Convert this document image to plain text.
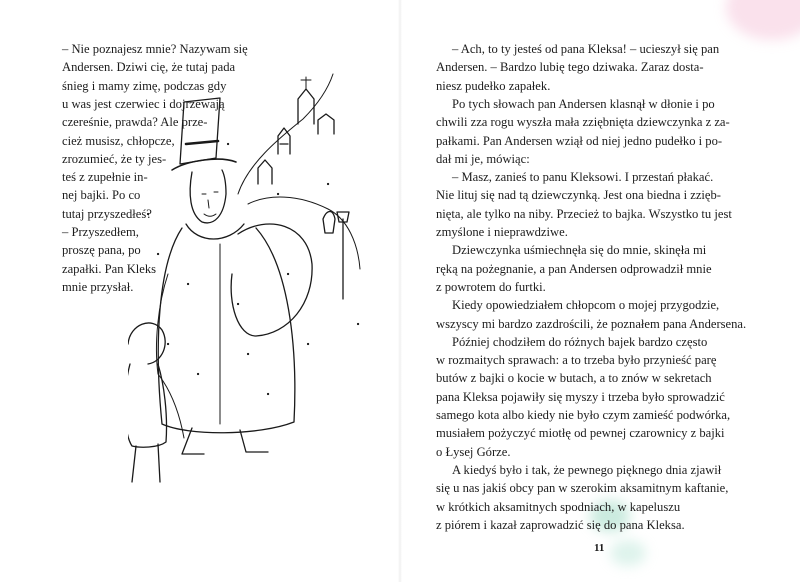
– Nie poznajesz mnie? Nazywam się
Andersen. Dziwi cię, że tutaj pada
śnieg i mamy zimę, podczas gdy
u was jest czerwiec i dojrzewają
czereśnie, prawda? Ale prze-
cież musisz, chłopcze,
zrozumieć, że ty jes-
teś z zupełnie in-
nej bajki. Po co
tutaj przyszedłeś?
– Przyszedłem,
proszę pana, po
zapałki. Pan Kleks
mnie przysłał.
– Ach, to ty jesteś od pana Kleksa! – ucieszył się pan
Andersen. – Bardzo lubię tego dziwaka. Zaraz dosta-
niesz pudełko zapałek.
Po tych słowach pan Andersen klasnął w dłonie i po
chwili zza rogu wyszła mała zziębnięta dziewczynka z za-
pałkami. Pan Andersen wziął od niej jedno pudełko i po-
dał mi je, mówiąc:
– Masz, zanieś to panu Kleksowi. I przestań płakać.
Nie lituj się nad tą dziewczynką. Jest ona biedna i zzięb-
nięta, ale tylko na niby. Przecież to bajka. Wszystko tu jest
zmyślone i nieprawdziwe.
Dziewczynka uśmiechnęła się do mnie, skinęła mi
ręką na pożegnanie, a pan Andersen odprowadził mnie
z powrotem do furtki.
Kiedy opowiedziałem chłopcom o mojej przygodzie,
wszyscy mi bardzo zazdrościli, że poznałem pana Andersena.
Później chodziłem do różnych bajek bardzo często
w rozmaitych sprawach: a to trzeba było przynieść parę
butów z bajki o kocie w butach, a to znów w sekretach
pana Kleksa pojawiły się myszy i trzeba było sprowadzić
samego kota albo kiedy nie było czym zamieść podwórka,
musiałem pożyczyć miotłę od pewnej czarownicy z bajki
o Łysej Górze.
A kiedyś było i tak, że pewnego pięknego dnia zjawił
się u nas jakiś obcy pan w szerokim aksamitnym kaftanie,
w krótkich aksamitnych spodniach, w kapeluszu
z piórem i kazał zaprowadzić się do pana Kleksa.
11
